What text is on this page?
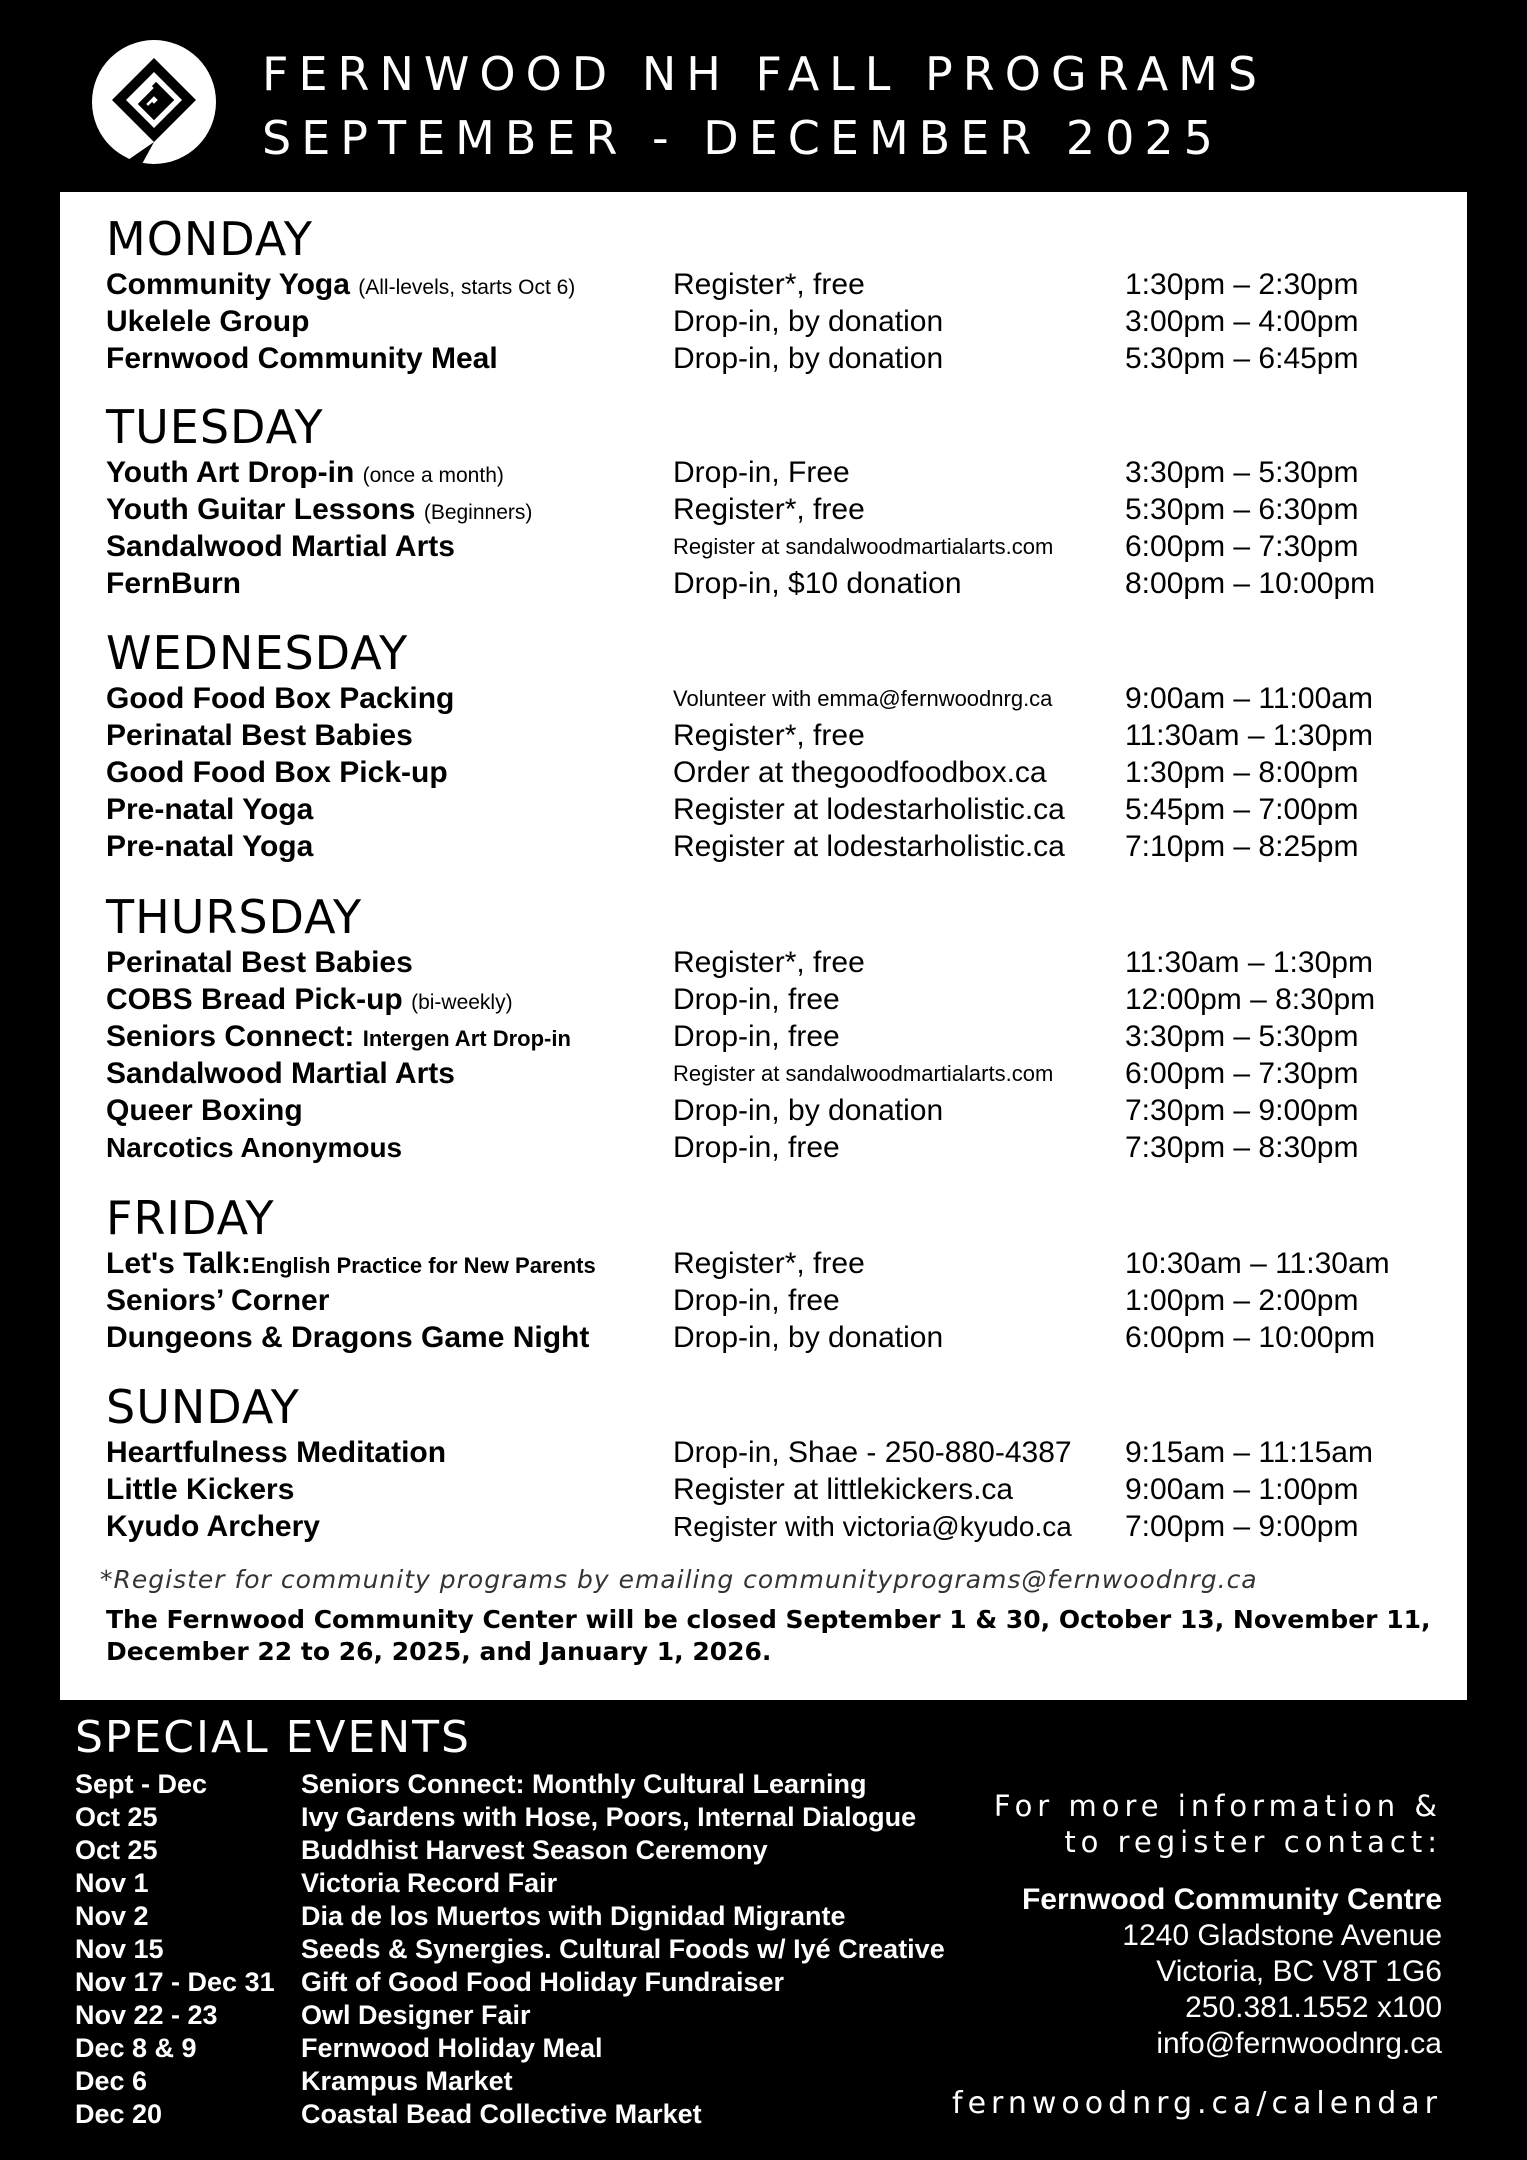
FERNWOOD NH FALL PROGRAMS
SEPTEMBER - DECEMBER 2025
MONDAY
Community Yoga (All-levels, starts Oct 6)	Register*, free	1:30pm – 2:30pm
Ukelele Group	Drop-in, by donation	3:00pm – 4:00pm
Fernwood Community Meal	Drop-in, by donation	5:30pm – 6:45pm
TUESDAY
Youth Art Drop-in (once a month)	Drop-in, Free	3:30pm – 5:30pm
Youth Guitar Lessons (Beginners)	Register*, free	5:30pm – 6:30pm
Sandalwood Martial Arts	Register at sandalwoodmartialarts.com 6:00pm – 7:30pm
FernBurn	Drop-in, $10 donation	8:00pm – 10:00pm
WEDNESDAY
Good Food Box Packing	Volunteer with emma@fernwoodnrg.ca 9:00am – 11:00am
Perinatal Best Babies	Register*, free	11:30am – 1:30pm
Good Food Box Pick-up	Order at thegoodfoodbox.ca	1:30pm – 8:00pm
Pre-natal Yoga	Register at lodestarholistic.ca 5:45pm – 7:00pm
Pre-natal Yoga	Register at lodestarholistic.ca 7:10pm – 8:25pm
THURSDAY
Perinatal Best Babies	Register*, free	11:30am – 1:30pm
COBS Bread Pick-up (bi-weekly)	Drop-in, free	12:00pm – 8:30pm
Seniors Connect: Intergen Art Drop-in	Drop-in, free	3:30pm – 5:30pm
Sandalwood Martial Arts	Register at sandalwoodmartialarts.com 6:00pm – 7:30pm
Queer Boxing	Drop-in, by donation	7:30pm – 9:00pm
Narcotics Anonymous	Drop-in, free	7:30pm – 8:30pm
FRIDAY
Let's Talk:English Practice for New Parents	Register*, free	10:30am – 11:30am
Seniors’ Corner	Drop-in, free	1:00pm – 2:00pm
Dungeons & Dragons Game Night	Drop-in, by donation	6:00pm – 10:00pm
SUNDAY
Heartfulness Meditation	Drop-in, Shae - 250-880-4387 9:15am – 11:15am
Little Kickers	Register at littlekickers.ca	9:00am – 1:00pm
Kyudo Archery	Register with victoria@kyudo.ca 7:00pm – 9:00pm
*Register for community programs by emailing communityprograms@fernwoodnrg.ca
The Fernwood Community Center will be closed September 1 & 30, October 13, November 11, December 22 to 26, 2025, and January 1, 2026.
SPECIAL EVENTS
Sept - Dec	Seniors Connect: Monthly Cultural Learning
Oct 25	Ivy Gardens with Hose, Poors, Internal Dialogue
Oct 25	Buddhist Harvest Season Ceremony
Nov 1	Victoria Record Fair
Nov 2	Dia de los Muertos with Dignidad Migrante
Nov 15	Seeds & Synergies. Cultural Foods w/ Iyé Creative
Nov 17 - Dec 31 Gift of Good Food Holiday Fundraiser
Nov 22 - 23	Owl Designer Fair
Dec 8 & 9	Fernwood Holiday Meal
Dec 6	Krampus Market
Dec 20	Coastal Bead Collective Market
For more information &
to register contact:
Fernwood Community Centre
1240 Gladstone Avenue
Victoria, BC V8T 1G6
250.381.1552 x100
info@fernwoodnrg.ca
fernwoodnrg.ca/calendar
